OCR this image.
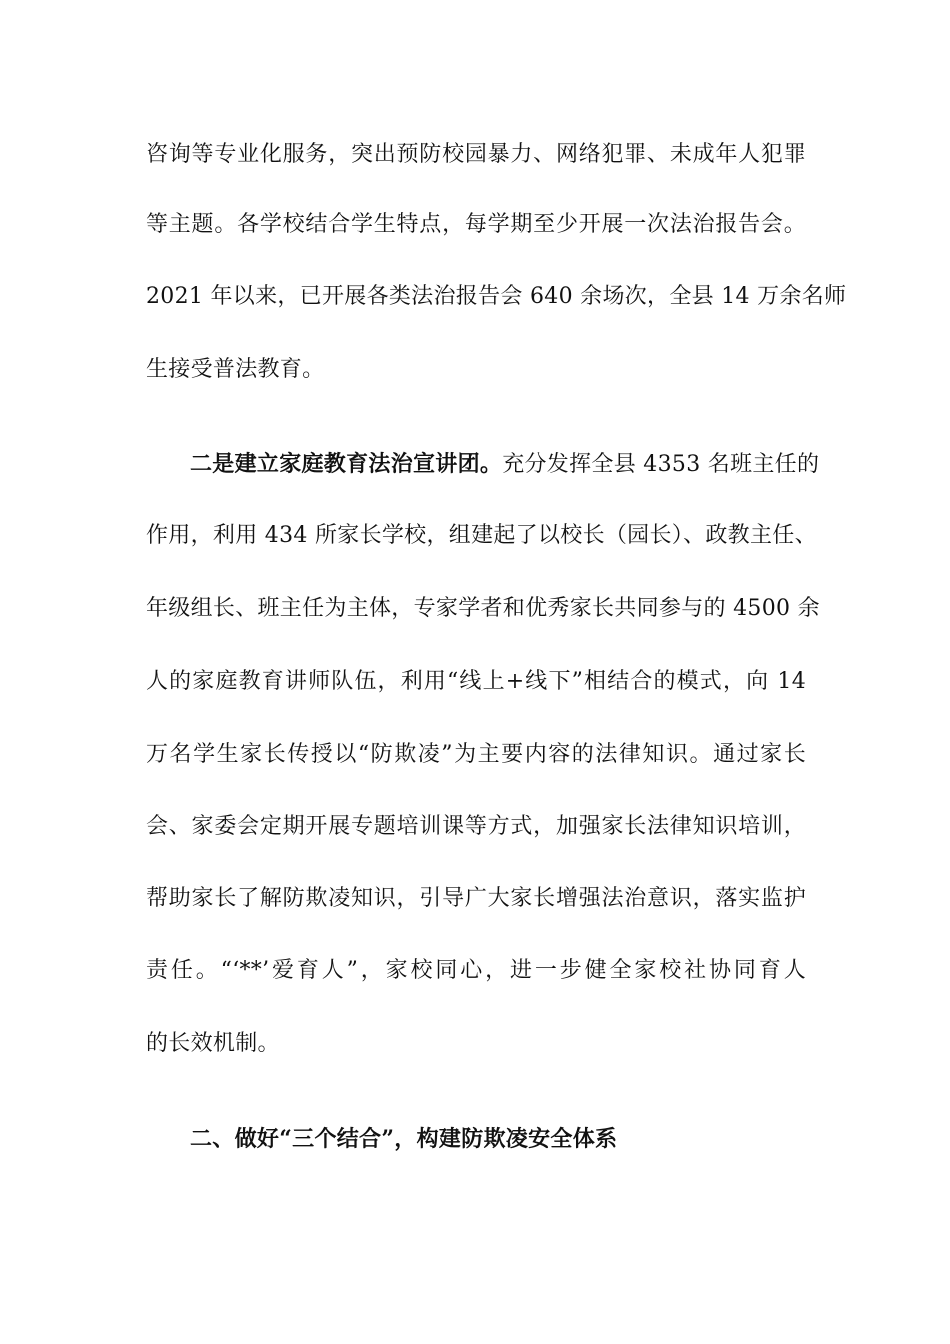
咨询等专业化服务，突出预防校园暴力、网络犯罪、未成年人犯罪
等主题。各学校结合学生特点，每学期至少开展一次法治报告会。
2021 年以来，已开展各类法治报告会 640 余场次，全县 14 万余名师
生接受普法教育。
二是建立家庭教育法治宣讲团。充分发挥全县 4353 名班主任的
作用，利用 434 所家长学校，组建起了以校长（园长）、政教主任、
年级组长、班主任为主体，专家学者和优秀家长共同参与的 4500 余
人的家庭教育讲师队伍，利用“线上+线下”相结合的模式，向 14
万名学生家长传授以“防欺凌”为主要内容的法律知识。通过家长
会、家委会定期开展专题培训课等方式，加强家长法律知识培训，
帮助家长了解防欺凌知识，引导广大家长增强法治意识，落实监护
责任。“‘**’爱育人”，家校同心，进一步健全家校社协同育人
的长效机制。
二、做好“三个结合”，构建防欺凌安全体系
